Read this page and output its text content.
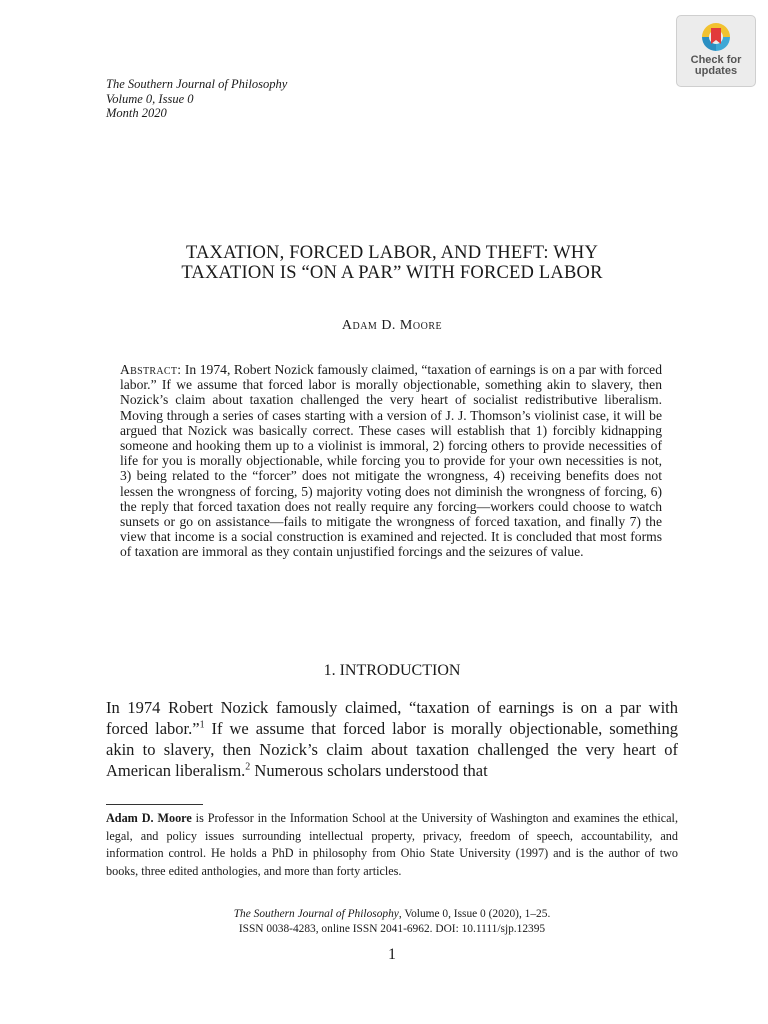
The Southern Journal of Philosophy
Volume 0, Issue 0
Month 2020
Check for
updates
TAXATION, FORCED LABOR, AND THEFT: WHY
TAXATION IS “ON A PAR” WITH FORCED LABOR
Adam D. Moore
Abstract: In 1974, Robert Nozick famously claimed, “taxation of earnings is on a par with forced labor.” If we assume that forced labor is morally objectionable, something akin to slavery, then Nozick’s claim about taxation challenged the very heart of socialist redistributive liberalism. Moving through a series of cases starting with a version of J. J. Thomson’s violinist case, it will be argued that Nozick was basically correct. These cases will establish that 1) forcibly kidnapping someone and hooking them up to a violinist is immoral, 2) forcing others to provide necessities of life for you is morally objectionable, while forcing you to provide for your own necessities is not, 3) being related to the “forcer” does not mitigate the wrongness, 4) receiving benefits does not lessen the wrongness of forcing, 5) majority voting does not diminish the wrongness of forcing, 6) the reply that forced taxation does not really require any forcing—workers could choose to watch sunsets or go on assistance—fails to mitigate the wrongness of forced taxation, and finally 7) the view that income is a social construction is examined and rejected. It is concluded that most forms of taxation are immoral as they contain unjustified forcings and the seizures of value.
1. INTRODUCTION
In 1974 Robert Nozick famously claimed, “taxation of earnings is on a par with forced labor.”$^1$ If we assume that forced labor is morally objectionable, something akin to slavery, then Nozick’s claim about taxation challenged the very heart of American liberalism.$^2$ Numerous scholars understood that
Adam D. Moore is Professor in the Information School at the University of Washington and examines the ethical, legal, and policy issues surrounding intellectual property, privacy, freedom of speech, accountability, and information control. He holds a PhD in philosophy from Ohio State University (1997) and is the author of two books, three edited anthologies, and more than forty articles.
The Southern Journal of Philosophy, Volume 0, Issue 0 (2020), 1–25.
ISSN 0038-4283, online ISSN 2041-6962. DOI: 10.1111/sjp.12395
1
